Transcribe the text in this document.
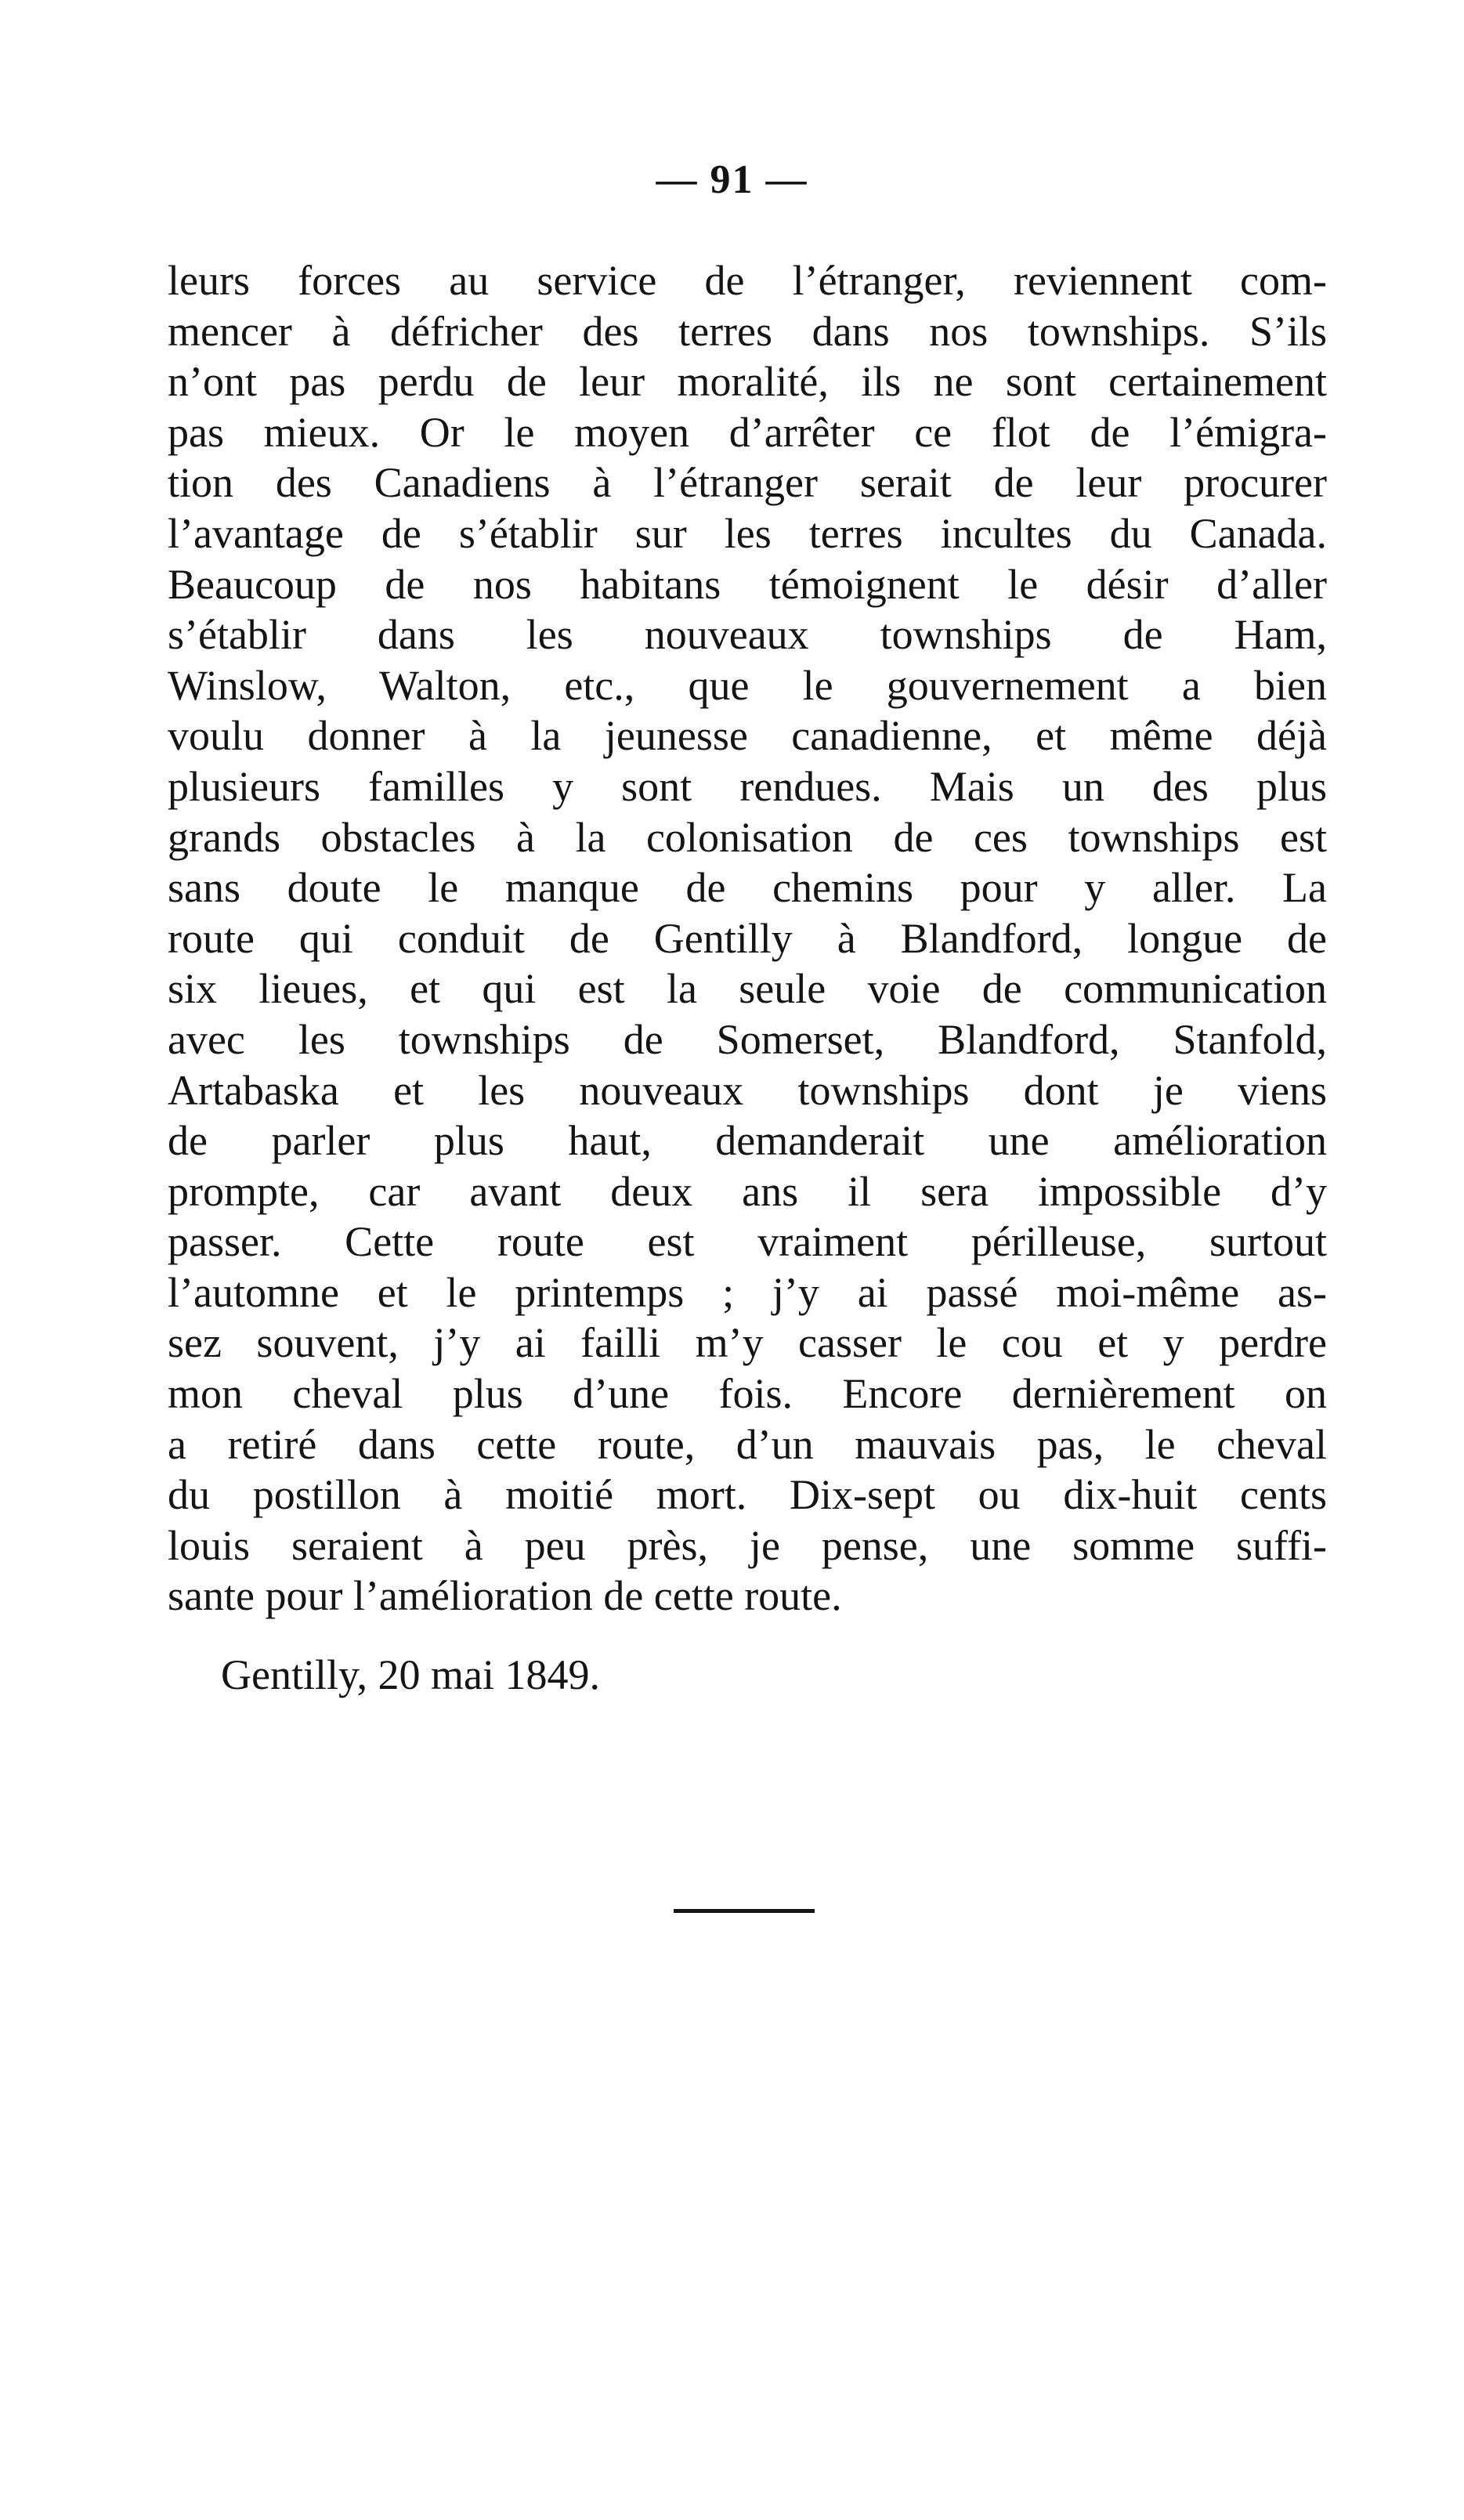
— 91 —
leurs forces au service de l’étranger, reviennent com-
mencer à défricher des terres dans nos townships. S’ils
n’ont pas perdu de leur moralité, ils ne sont certainement
pas mieux. Or le moyen d’arrêter ce flot de l’émigra-
tion des Canadiens à l’étranger serait de leur procurer
l’avantage de s’établir sur les terres incultes du Canada.
Beaucoup de nos habitans témoignent le désir d’aller
s’établir dans les nouveaux townships de Ham,
Winslow, Walton, etc., que le gouvernement a bien
voulu donner à la jeunesse canadienne, et même déjà
plusieurs familles y sont rendues. Mais un des plus
grands obstacles à la colonisation de ces townships est
sans doute le manque de chemins pour y aller. La
route qui conduit de Gentilly à Blandford, longue de
six lieues, et qui est la seule voie de communication
avec les townships de Somerset, Blandford, Stanfold,
Artabaska et les nouveaux townships dont je viens
de parler plus haut, demanderait une amélioration
prompte, car avant deux ans il sera impossible d’y
passer. Cette route est vraiment périlleuse, surtout
l’automne et le printemps ; j’y ai passé moi-même as-
sez souvent, j’y ai failli m’y casser le cou et y perdre
mon cheval plus d’une fois. Encore dernièrement on
a retiré dans cette route, d’un mauvais pas, le cheval
du postillon à moitié mort. Dix-sept ou dix-huit cents
louis seraient à peu près, je pense, une somme suffi-
sante pour l’amélioration de cette route.
Gentilly, 20 mai 1849.
